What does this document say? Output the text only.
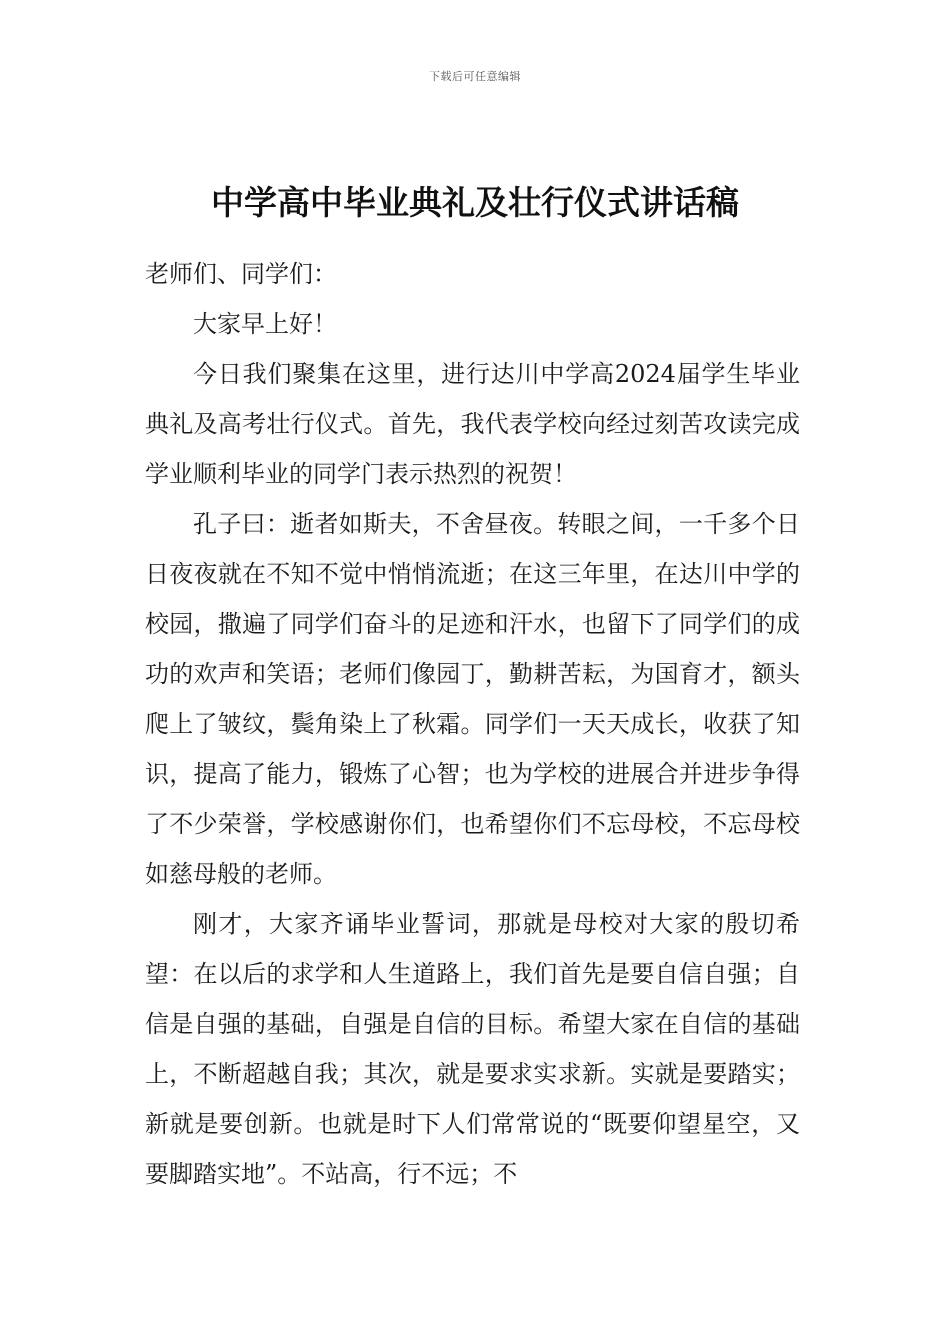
下载后可任意编辑
中学高中毕业典礼及壮行仪式讲话稿

老师们、同学们：

大家早上好！

今日我们聚集在这里，进行达川中学高2024届学生毕业典礼及高考壮行仪式。首先，我代表学校向经过刻苦攻读完成学业顺利毕业的同学门表示热烈的祝贺！

孔子曰：逝者如斯夫，不舍昼夜。转眼之间，一千多个日日夜夜就在不知不觉中悄悄流逝；在这三年里，在达川中学的校园，撒遍了同学们奋斗的足迹和汗水，也留下了同学们的成功的欢声和笑语；老师们像园丁，勤耕苦耘，为国育才，额头爬上了皱纹，鬓角染上了秋霜。同学们一天天成长，收获了知识，提高了能力，锻炼了心智；也为学校的进展合并进步争得了不少荣誉，学校感谢你们，也希望你们不忘母校，不忘母校如慈母般的老师。

刚才，大家齐诵毕业誓词，那就是母校对大家的殷切希望：在以后的求学和人生道路上，我们首先是要自信自强；自信是自强的基础，自强是自信的目标。希望大家在自信的基础上，不断超越自我；其次，就是要求实求新。实就是要踏实；新就是要创新。也就是时下人们常常说的“既要仰望星空，又要脚踏实地”。不站高，行不远；不
